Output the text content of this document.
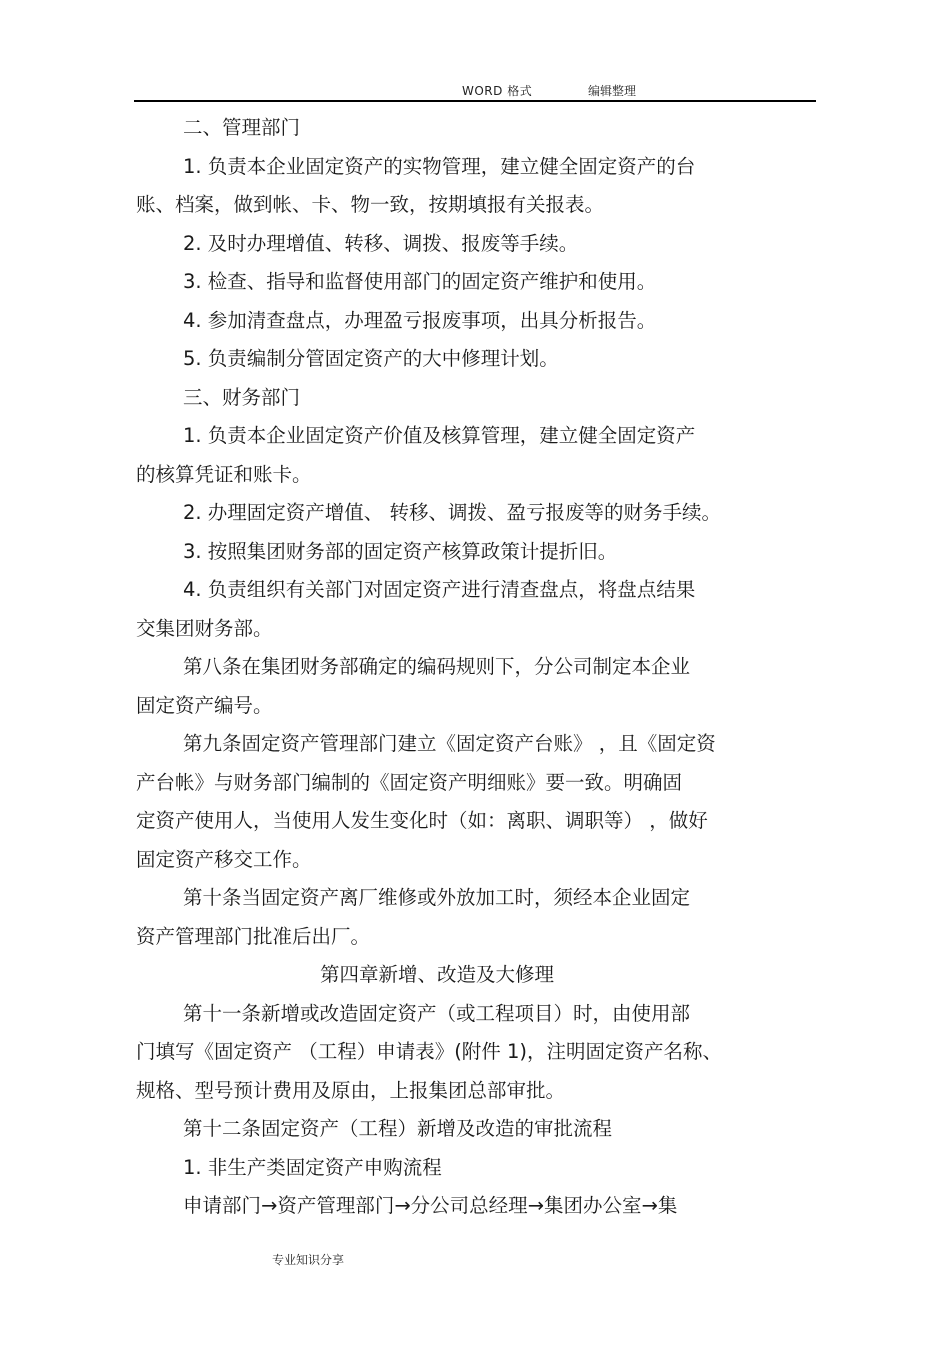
WORD 格式	编辑整理
二、管理部门
1. 负责本企业固定资产的实物管理，建立健全固定资产的台
账、档案，做到帐、卡、物一致，按期填报有关报表。
2. 及时办理增值、转移、调拨、报废等手续。
3. 检查、指导和监督使用部门的固定资产维护和使用。
4. 参加清查盘点，办理盈亏报废事项，出具分析报告。
5. 负责编制分管固定资产的大中修理计划。
三、财务部门
1. 负责本企业固定资产价值及核算管理，建立健全固定资产
的核算凭证和账卡。
2. 办理固定资产增值、 转移、调拨、盈亏报废等的财务手续。
3. 按照集团财务部的固定资产核算政策计提折旧。
4. 负责组织有关部门对固定资产进行清查盘点，将盘点结果
交集团财务部。
第八条在集团财务部确定的编码规则下，分公司制定本企业
固定资产编号。
第九条固定资产管理部门建立《固定资产台账》 ，且《固定资
产台帐》与财务部门编制的《固定资产明细账》要一致。明确固
定资产使用人，当使用人发生变化时（如：离职、调职等） ，做好
固定资产移交工作。
第十条当固定资产离厂维修或外放加工时，须经本企业固定
资产管理部门批准后出厂。
第四章新增、改造及大修理
第十一条新增或改造固定资产（或工程项目）时，由使用部
门填写《固定资产 （工程）申请表》(附件 1)，注明固定资产名称、
规格、型号预计费用及原由，上报集团总部审批。
第十二条固定资产（工程）新增及改造的审批流程
1. 非生产类固定资产申购流程
申请部门→资产管理部门→分公司总经理→集团办公室→集
专业知识分享
